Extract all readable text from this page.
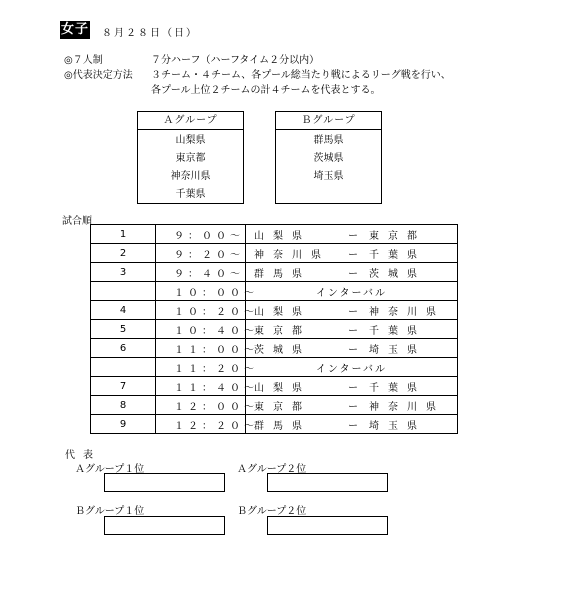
女子 ８月２８日（日）
◎７人制	７分ハーフ（ハーフタイム２分以内）
◎代表決定方法 ３チーム・４チーム、各プール総当たり戦によるリーグ戦を行い、
各プール上位２チームの計４チームを代表とする。
Ａグループ
山梨県
東京都
神奈川県
千葉県
Ｂグループ
群馬県
茨城県
埼玉県
試合順
1	９：００～	山梨県 ー 東京都

2	９：２０～	神奈川県 ー 千葉県

3	９：４０～	群馬県 ー 茨城県

	１０：００～	インターバル
4	１０：２０～	山梨県 ー 神奈川県

5	１０：４０～	東京都 ー 千葉県

6	１１：００～	茨城県 ー 埼玉県

	１１：２０～	インターバル
7	１１：４０～	山梨県 ー 千葉県

8	１２：００～	東京都 ー 神奈川県

9	１２：２０～	群馬県 ー 埼玉県
代表
Ａグループ１位	Ａグループ２位
Ｂグループ１位	Ｂグループ２位
